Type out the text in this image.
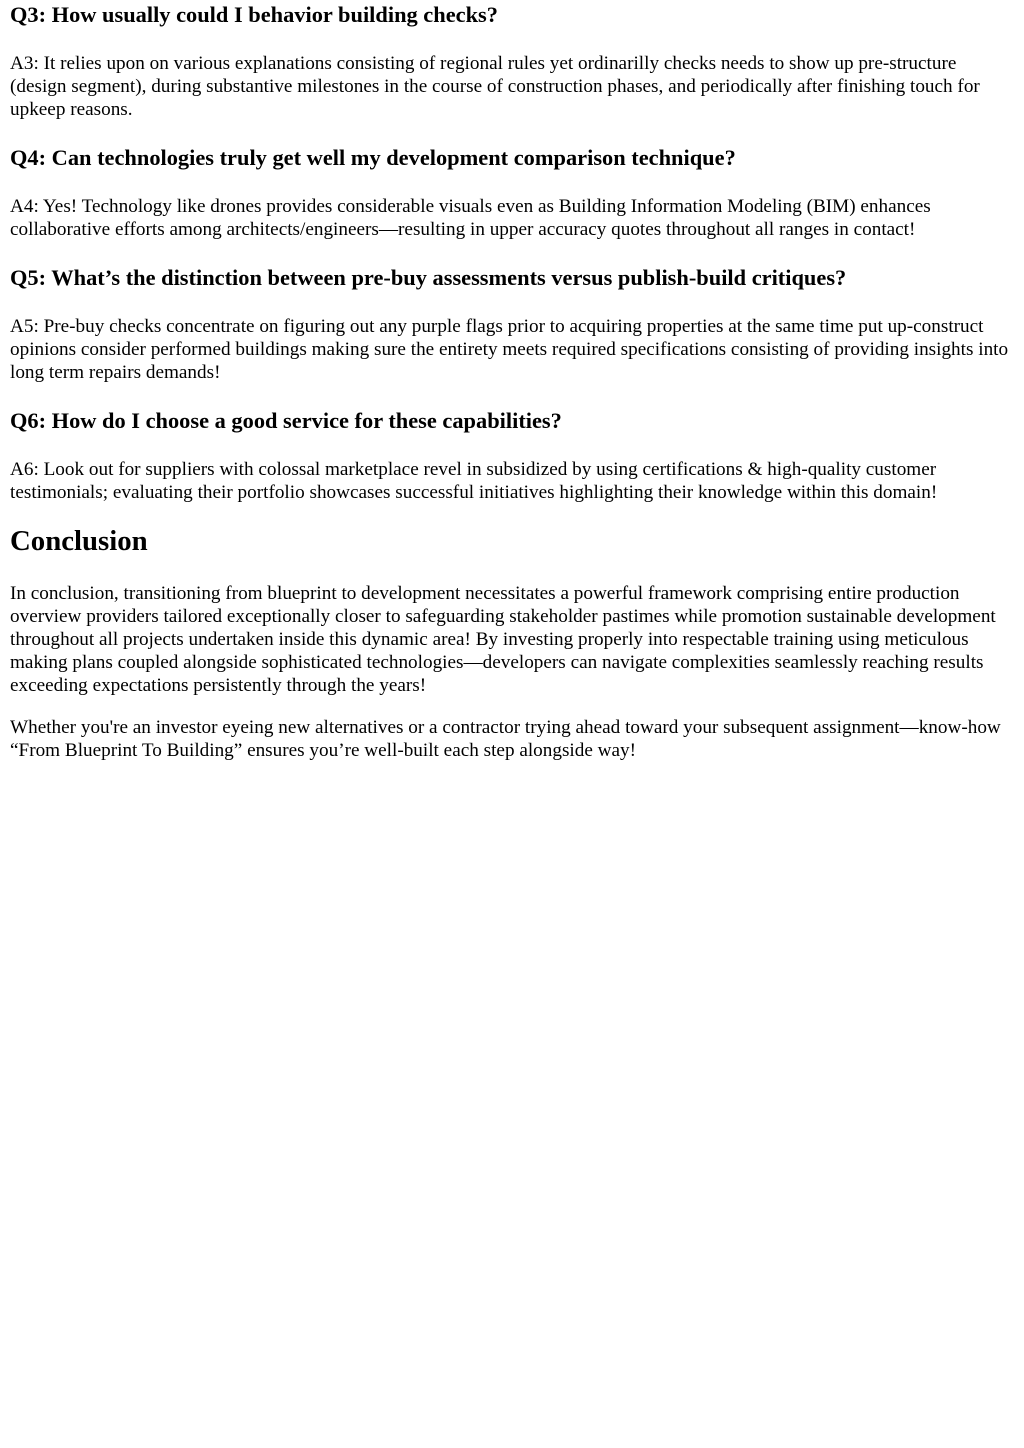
Q3: How usually could I behavior building checks?

A3: It relies upon on various explanations consisting of regional rules yet ordinarilly checks needs to show up pre-structure (design segment), during substantive milestones in the course of construction phases, and periodically after finishing touch for upkeep reasons.

Q4: Can technologies truly get well my development comparison technique?

A4: Yes! Technology like drones provides considerable visuals even as Building Information Modeling (BIM) enhances collaborative efforts among architects/engineers—resulting in upper accuracy quotes throughout all ranges in contact!

Q5: What’s the distinction between pre-buy assessments versus publish-build critiques?

A5: Pre-buy checks concentrate on figuring out any purple flags prior to acquiring properties at the same time put up-construct opinions consider performed buildings making sure the entirety meets required specifications consisting of providing insights into long term repairs demands!

Q6: How do I choose a good service for these capabilities?

A6: Look out for suppliers with colossal marketplace revel in subsidized by using certifications & high-quality customer testimonials; evaluating their portfolio showcases successful initiatives highlighting their knowledge within this domain!

Conclusion

In conclusion, transitioning from blueprint to development necessitates a powerful framework comprising entire production overview providers tailored exceptionally closer to safeguarding stakeholder pastimes while promotion sustainable development throughout all projects undertaken inside this dynamic area! By investing properly into respectable training using meticulous making plans coupled alongside sophisticated technologies—developers can navigate complexities seamlessly reaching results exceeding expectations persistently through the years!

Whether you're an investor eyeing new alternatives or a contractor trying ahead toward your subsequent assignment—know-how “From Blueprint To Building” ensures you’re well-built each step alongside way!
